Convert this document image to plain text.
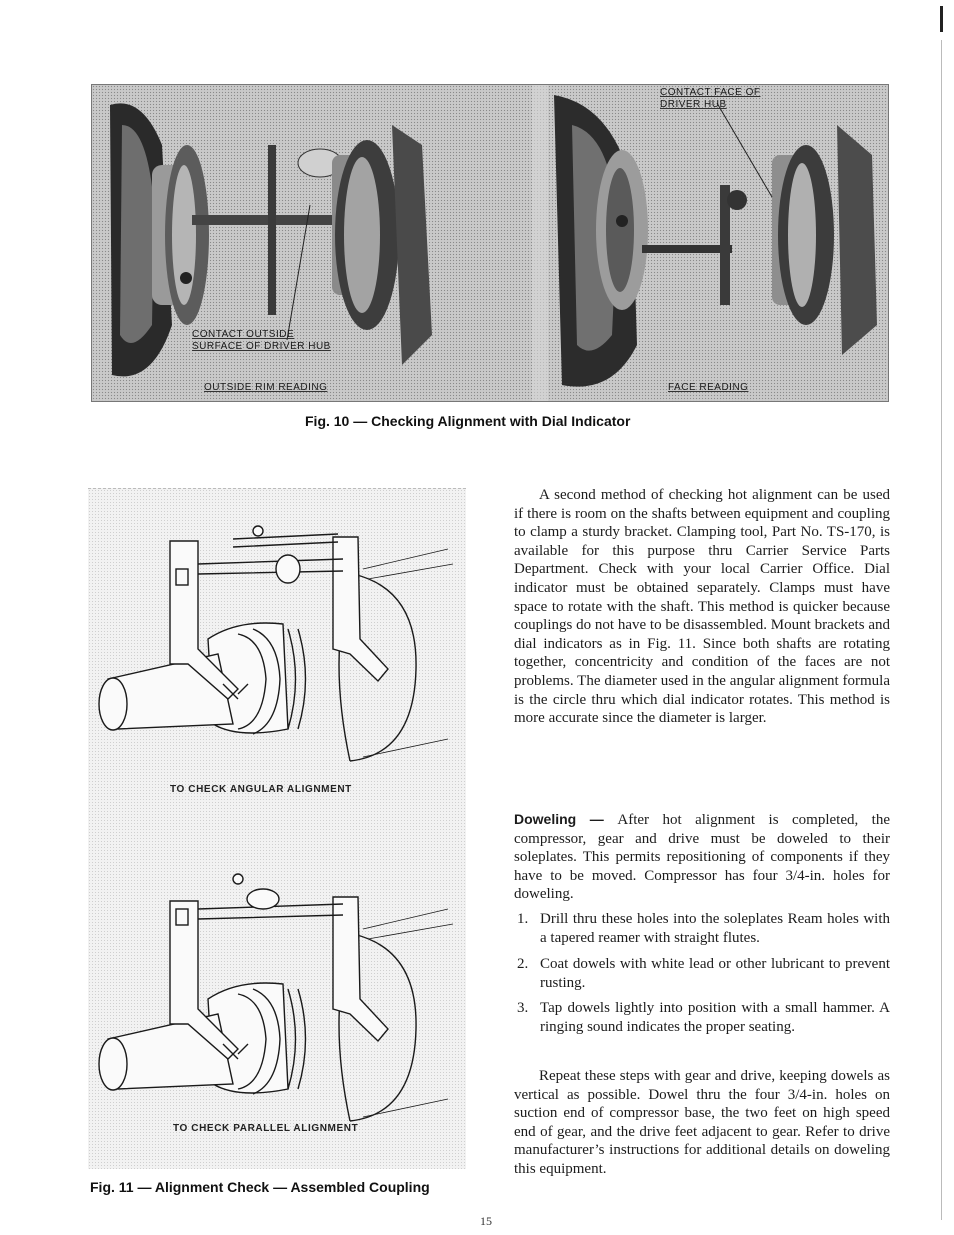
CONTACT OUTSIDE
SURFACE OF DRIVER HUB
OUTSIDE RIM READING
CONTACT FACE OF
DRIVER HUB
FACE READING
Fig. 10 — Checking Alignment with Dial Indicator
TO CHECK ANGULAR ALIGNMENT
TO CHECK PARALLEL ALIGNMENT
Fig. 11 — Alignment Check — Assembled Coupling

A second method of checking hot alignment can be used if there is room on the shafts between equipment and coupling to clamp a sturdy bracket. Clamping tool, Part No. TS-170, is available for this purpose thru Carrier Service Parts Department. Check with your local Carrier Office. Dial indicator must be obtained separately. Clamps must have space to rotate with the shaft. This method is quicker because couplings do not have to be disassembled. Mount brackets and dial indicators as in Fig. 11. Since both shafts are rotating together, concentricity and condition of the faces are not problems. The diameter used in the angular alignment formula is the circle thru which dial indicator rotates. This method is more accurate since the diameter is larger.

Doweling — After hot alignment is completed, the compressor, gear and drive must be doweled to their soleplates. This permits repositioning of components if they have to be moved. Compressor has four 3/4-in. holes for doweling.

1. Drill thru these holes into the soleplates Ream holes with a tapered reamer with straight flutes.
2. Coat dowels with white lead or other lubricant to prevent rusting.
3. Tap dowels lightly into position with a small hammer. A ringing sound indicates the proper seating.

Repeat these steps with gear and drive, keeping dowels as vertical as possible. Dowel thru the four 3/4-in. holes on suction end of compressor base, the two feet on high speed end of gear, and the drive feet adjacent to gear. Refer to drive manufacturer’s instructions for additional details on doweling this equipment.

15
